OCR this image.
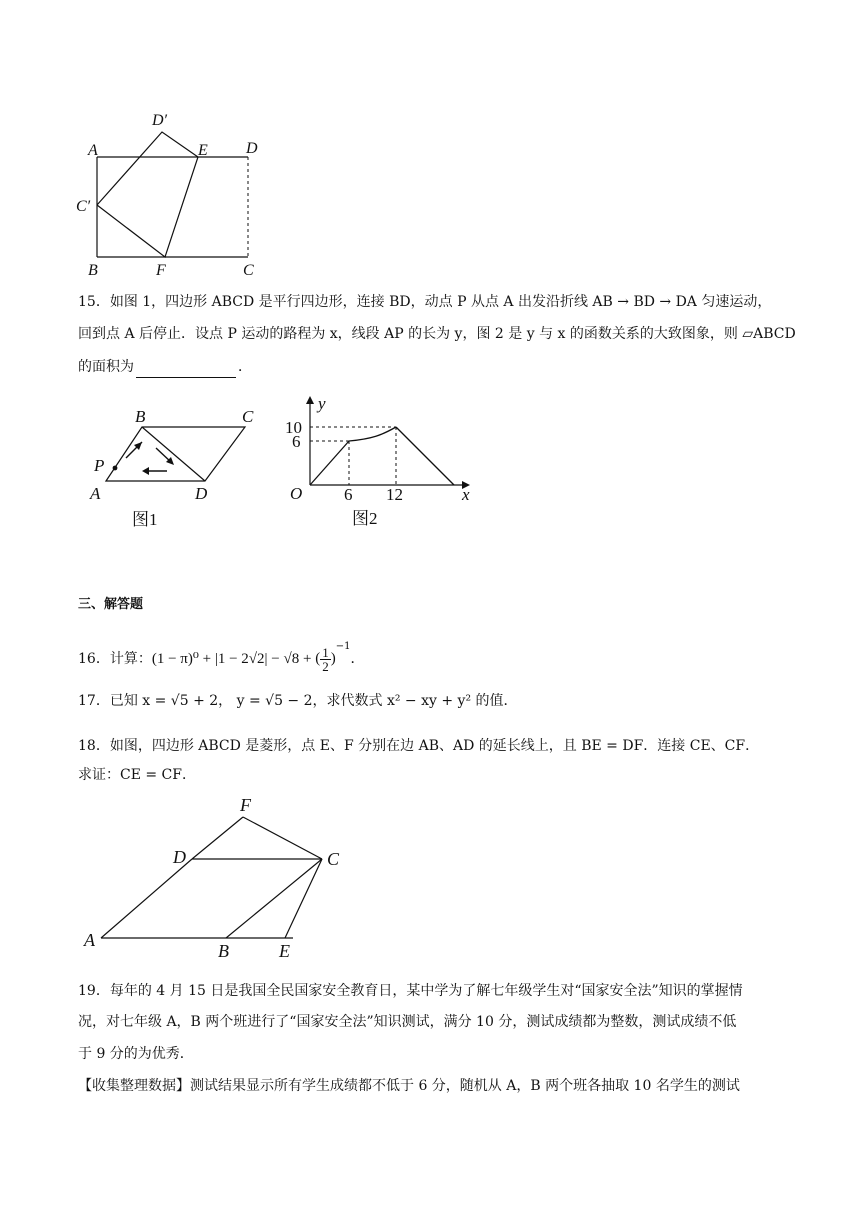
D′
A	E D
C′
B	F	C
15．如图 1，四边形 ABCD 是平行四边形，连接 BD，动点 P 从点 A 出发沿折线 AB → BD → DA 匀速运动，
回到点 A 后停止．设点 P 运动的路程为 x，线段 AP 的长为 y，图 2 是 y 与 x 的函数关系的大致图象，则 ▱ABCD
的面积为	．
B	C
P
A	D
图1
y
10
6
O 6 12	x
图2
三、解答题
16．计算：(1 − π)⁰ + |1 − 2√2| − √8 + ( $\frac{1}{2} )^{-1}$．
17．已知 x = √5 + 2， y = √5 − 2，求代数式 x² − xy + y² 的值．
18．如图，四边形 ABCD 是菱形，点 E、F 分别在边 AB、AD 的延长线上，且 BE = DF．连接 CE、CF．
求证：CE = CF．
F
D	C
A
B	E
19．每年的 4 月 15 日是我国全民国家安全教育日，某中学为了解七年级学生对“国家安全法”知识的掌握情
况，对七年级 A，B 两个班进行了“国家安全法”知识测试，满分 10 分，测试成绩都为整数，测试成绩不低
于 9 分的为优秀．
【收集整理数据】测试结果显示所有学生成绩都不低于 6 分，随机从 A，B 两个班各抽取 10 名学生的测试
